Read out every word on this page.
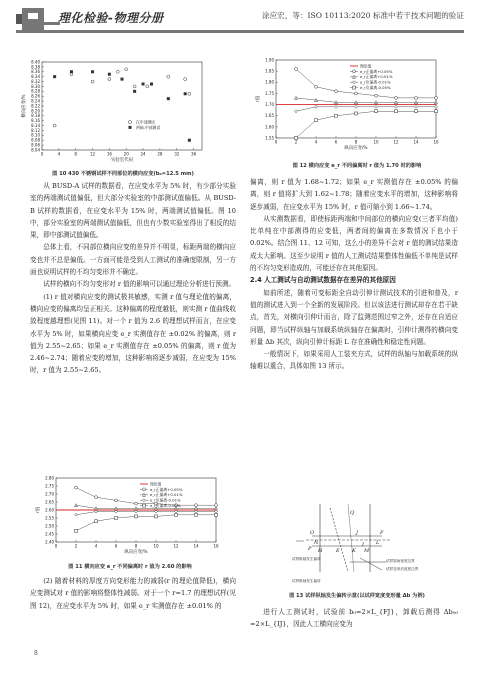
理化检验-物理分册	涂应宏，等：ISO 10113:2020 标准中若干技术问题的验证
8.04
8.06
8.08
8.10
8.12
8.14
8.16
8.18
8.20
8.22
8.24
8.26
8.28
8.30
8.32
8.34
8.36
8.38
8.40
0	4	8	12	16	20	24	28	32	36
实验室代码
横向应变/%
仅中部测试
两端-中部测试
图 10 430 不锈钢试样不同部位的横向应变(b₀=12.5 mm)

从 BUSD-A 试样的数据看，在应变水平为 5% 时，有少部分实验室的两端测试值偏低，但大部分实验室的中部测试值偏低。从 BUSD-B 试样的数据看，在应变水平为 15% 时，两端测试值偏低。图 10 中，部分实验室的两端测试值偏低，但也有少数实验室得出了相反的结果，即中部测试值偏低。

总体上看，不同部位横向应变的差异并不明显，标距两端的横向应变也并不总是偏低。一方面可能是受到人工测试的准确度限制，另一方面也说明试样的不均匀变形并不确定。

试样的横向不均匀变形对 r 值的影响可以通过理论分析进行预测。

(1) r 值对横向应变的测试极其敏感，实测 r 值与理论值的偏离，横向应变的偏离均呈正相关。这种偏离的程度越低，则实测 r 值曲线收敛程度越理想(见图 11)。对一个 r 值为 2.6 的理想试样而言，在应变水平为 5% 时，如果横向应变 e_r 实测值存在 ±0.02% 的偏离，则 r 值为 2.55~2.65；如果 e_r 实测值存在 ±0.05% 的偏离，则 r 值为 2.46~2.74；随着应变的增加，这种影响将逐步减弱，在应变为 15% 时，r 值为 2.55~2.65。

2.40
2.45
2.50
2.55
2.60
2.65
2.70
2.75
2.80
0	2	4	6	8	10	12	14	16
纵向应变/%
r值
理论值
e_r正偏离+0.05%
e_r正偏离+0.01%
e_r负偏离-0.01%
e_r负偏离-0.05%
图 11 横向应变 e_r 不同偏离时 r 值为 2.60 的影响

(2) 随着材料的厚度方向变形能力的减弱(r 的理论值降低)，横向应变测试对 r 值的影响将整体性减弱。对于一个 r=1.7 的理想试样(见图 12)，在应变水平为 5% 时，如果 e_r 实测值存在 ±0.01% 的

1.55
1.60
1.65
1.70
1.75
1.80
1.85
1.90
0	2	4	6	8	10	12	14	16
纵向应变/%
r值
理论值
e_r正偏离+0.05%
e_r正偏离+0.01%
e_r负偏离-0.01%
e_r负偏离-0.05%
图 12 横向应变 e_r 不同偏离时 r 值为 1.70 时的影响

偏离，则 r 值为 1.68~1.72；如果 e_r 实测值存在 ±0.05% 的偏离，则 r 值将扩大到 1.62~1.78；随着应变水平的增加，这种影响将逐步减弱，在应变水平为 15% 时，r 值可缩小到 1.66~1.74。

从实测数据看，即使标距两端和中间部位的横向应变(三者平均值)比单纯在中部测得的应变低，两者间的偏离在多数情况下也小于 0.02%。结合图 11、12 可知，这么小的差异不会对 r 值的测试结果造成太大影响。这至少说明 r 值的人工测试结果整体性偏低不单纯是试样的不均匀变形造成的，可能还存在其他原因。

2.4 人工测试与自动测试数据存在差异的其他原因

如前所述，随着可变标距全自动引伸计测试技术的引进和普及，r 值的测试进入到一个全新的发展阶段。但以该法进行测试却存在若干缺点，首先，对横向引伸计而言，除了监测范围过窄之外，还存在自适应问题，即当试样纵轴与加载系统纵轴存在偏离时，引伸计测得的横向变形量 Δb 其次，纵向引伸计标距 L 存在准确性和稳定性问题。

一般情况下，如果采用人工装夹方式，试样的纵轴与加载系统的纵轴难以重合，具体如图 13 所示。

Q
J
O
N
P H	E K
I L
M
F
试样纵轴发生偏转
试样纵轴发生偏转
试样原始宽度边界
试样变形后宽度边界
图 13 试样纵轴发生偏转示意(以试样宽度变形量 Δb 为例)

进行人工测试时，试验前 b₀=2×L_{FJ}，卸载后测得 Δb₀₀ =2×L_{IJ}，因此人工横向应变为

8
